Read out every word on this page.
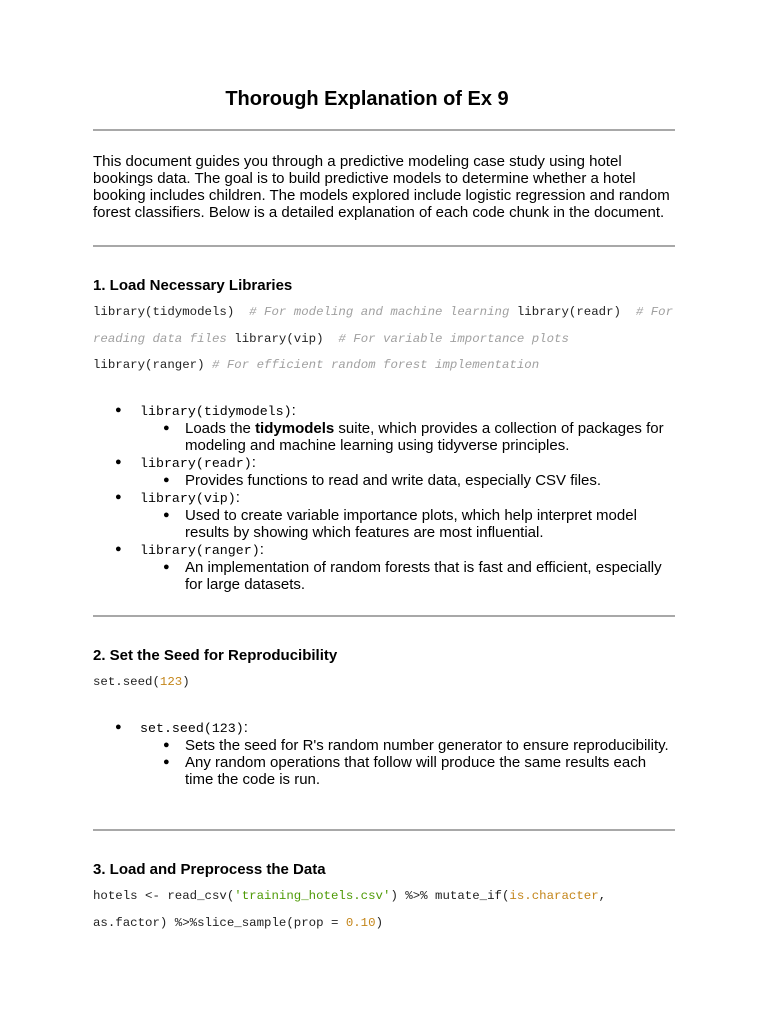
Thorough Explanation of Ex 9

This document guides you through a predictive modeling case study using hotel bookings data. The goal is to build predictive models to determine whether a hotel booking includes children. The models explored include logistic regression and random forest classifiers. Below is a detailed explanation of each code chunk in the document.

1. Load Necessary Libraries
library(tidymodels) # For modeling and machine learning library(readr) # For reading data files library(vip) # For variable importance plots library(ranger) # For efficient random forest implementation
● library(tidymodels):
● Loads the tidymodels suite, which provides a collection of packages for modeling and machine learning using tidyverse principles.
● library(readr):
● Provides functions to read and write data, especially CSV files.
● library(vip):
● Used to create variable importance plots, which help interpret model results by showing which features are most influential.
● library(ranger):
● An implementation of random forests that is fast and efficient, especially for large datasets.
2. Set the Seed for Reproducibility
set.seed(123)
● set.seed(123):
● Sets the seed for R's random number generator to ensure reproducibility.
● Any random operations that follow will produce the same results each time the code is run.
3. Load and Preprocess the Data
hotels <- read_csv('training_hotels.csv') %>% mutate_if(is.character,
as.factor) %>%slice_sample(prop = 0.10)
